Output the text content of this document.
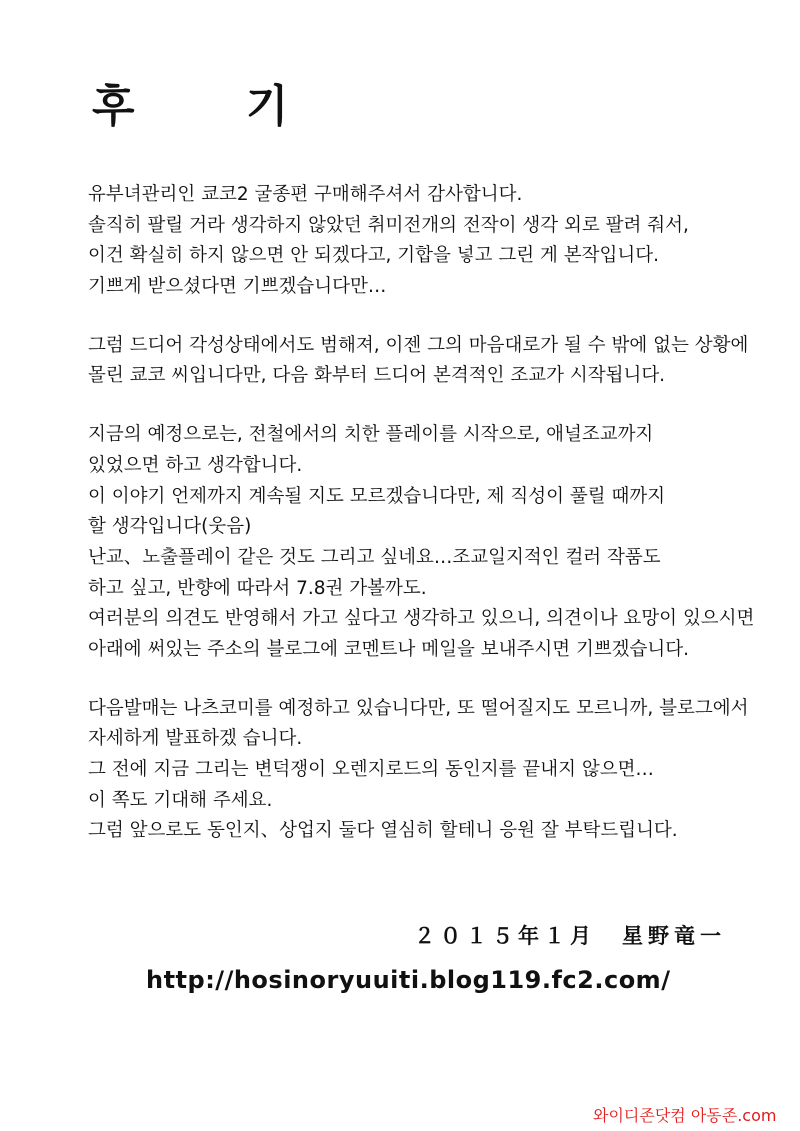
후 기
유부녀관리인 쿄코2 굴종편 구매해주셔서 감사합니다.
솔직히 팔릴 거라 생각하지 않았던 취미전개의 전작이 생각 외로 팔려 줘서,
이건 확실히 하지 않으면 안 되겠다고, 기합을 넣고 그린 게 본작입니다.
기쁘게 받으셨다면 기쁘겠습니다만…
그럼 드디어 각성상태에서도 범해져, 이젠 그의 마음대로가 될 수 밖에 없는 상황에
몰린 쿄코 씨입니다만, 다음 화부터 드디어 본격적인 조교가 시작됩니다.
지금의 예정으로는, 전철에서의 치한 플레이를 시작으로, 애널조교까지
있었으면 하고 생각합니다.
이 이야기 언제까지 계속될 지도 모르겠습니다만, 제 직성이 풀릴 때까지
할 생각입니다(웃음)
난교、노출플레이 같은 것도 그리고 싶네요…조교일지적인 컬러 작품도
하고 싶고, 반향에 따라서 7.8권 가볼까도.
여러분의 의견도 반영해서 가고 싶다고 생각하고 있으니, 의견이나 요망이 있으시면
아래에 써있는 주소의 블로그에 코멘트나 메일을 보내주시면 기쁘겠습니다.
다음발매는 나츠코미를 예정하고 있습니다만, 또 떨어질지도 모르니까, 블로그에서
자세하게 발표하겠 습니다.
그 전에 지금 그리는 변덕쟁이 오렌지로드의 동인지를 끝내지 않으면…
이 쪽도 기대해 주세요.
그럼 앞으로도 동인지、상업지 둘다 열심히 할테니 응원 잘 부탁드립니다.
２０１５年１月　星野竜一
http://hosinoryuuiti.blog119.fc2.com/
와이디존닷컴 아동존.com
